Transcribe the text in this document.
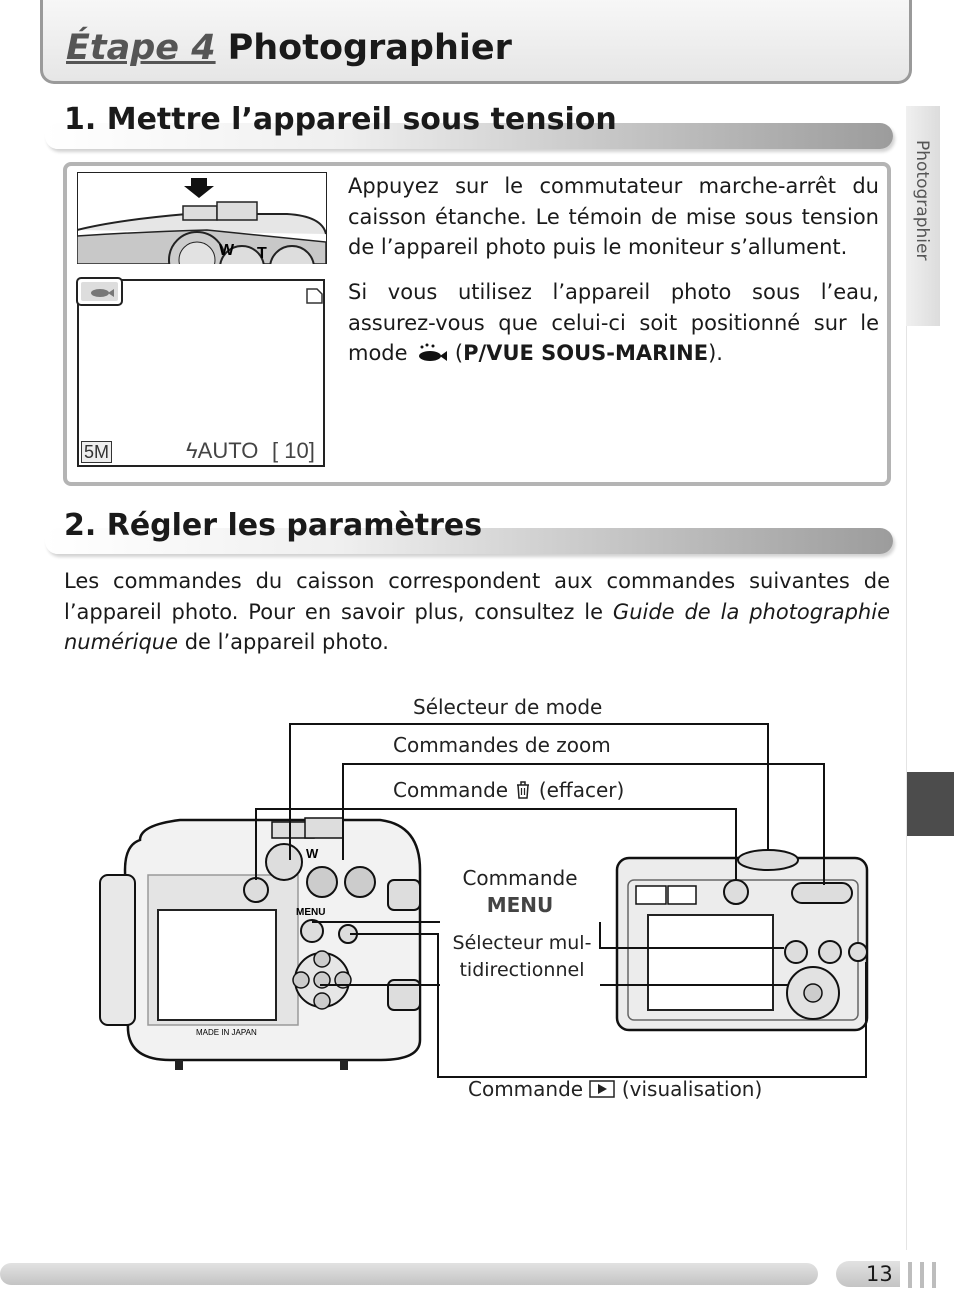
Étape 4 Photographier
Photographier
1. Mettre l’appareil sous tension
W T
5M	ϟAUTO [ 10]
Appuyez sur le commutateur marche-arrêt du caisson étanche. Le témoin de mise sous tension de l’appareil photo puis le moniteur s’allument.
Si vous utilisez l’appareil photo sous l’eau, assurez-vous que celui-ci soit positionné sur le mode  (P/VUE SOUS-MARINE).
2. Régler les paramètres
Les commandes du caisson correspondent aux commandes suivantes de l’appareil photo. Pour en savoir plus, consultez le Guide de la photographie numérique de l’appareil photo.
W
MENU
MADE IN JAPAN
Sélecteur de mode
Commandes de zoom
Commande (effacer)
Commande
MENU
Sélecteur mul-
tidirectionnel
Commande (visualisation)
13
